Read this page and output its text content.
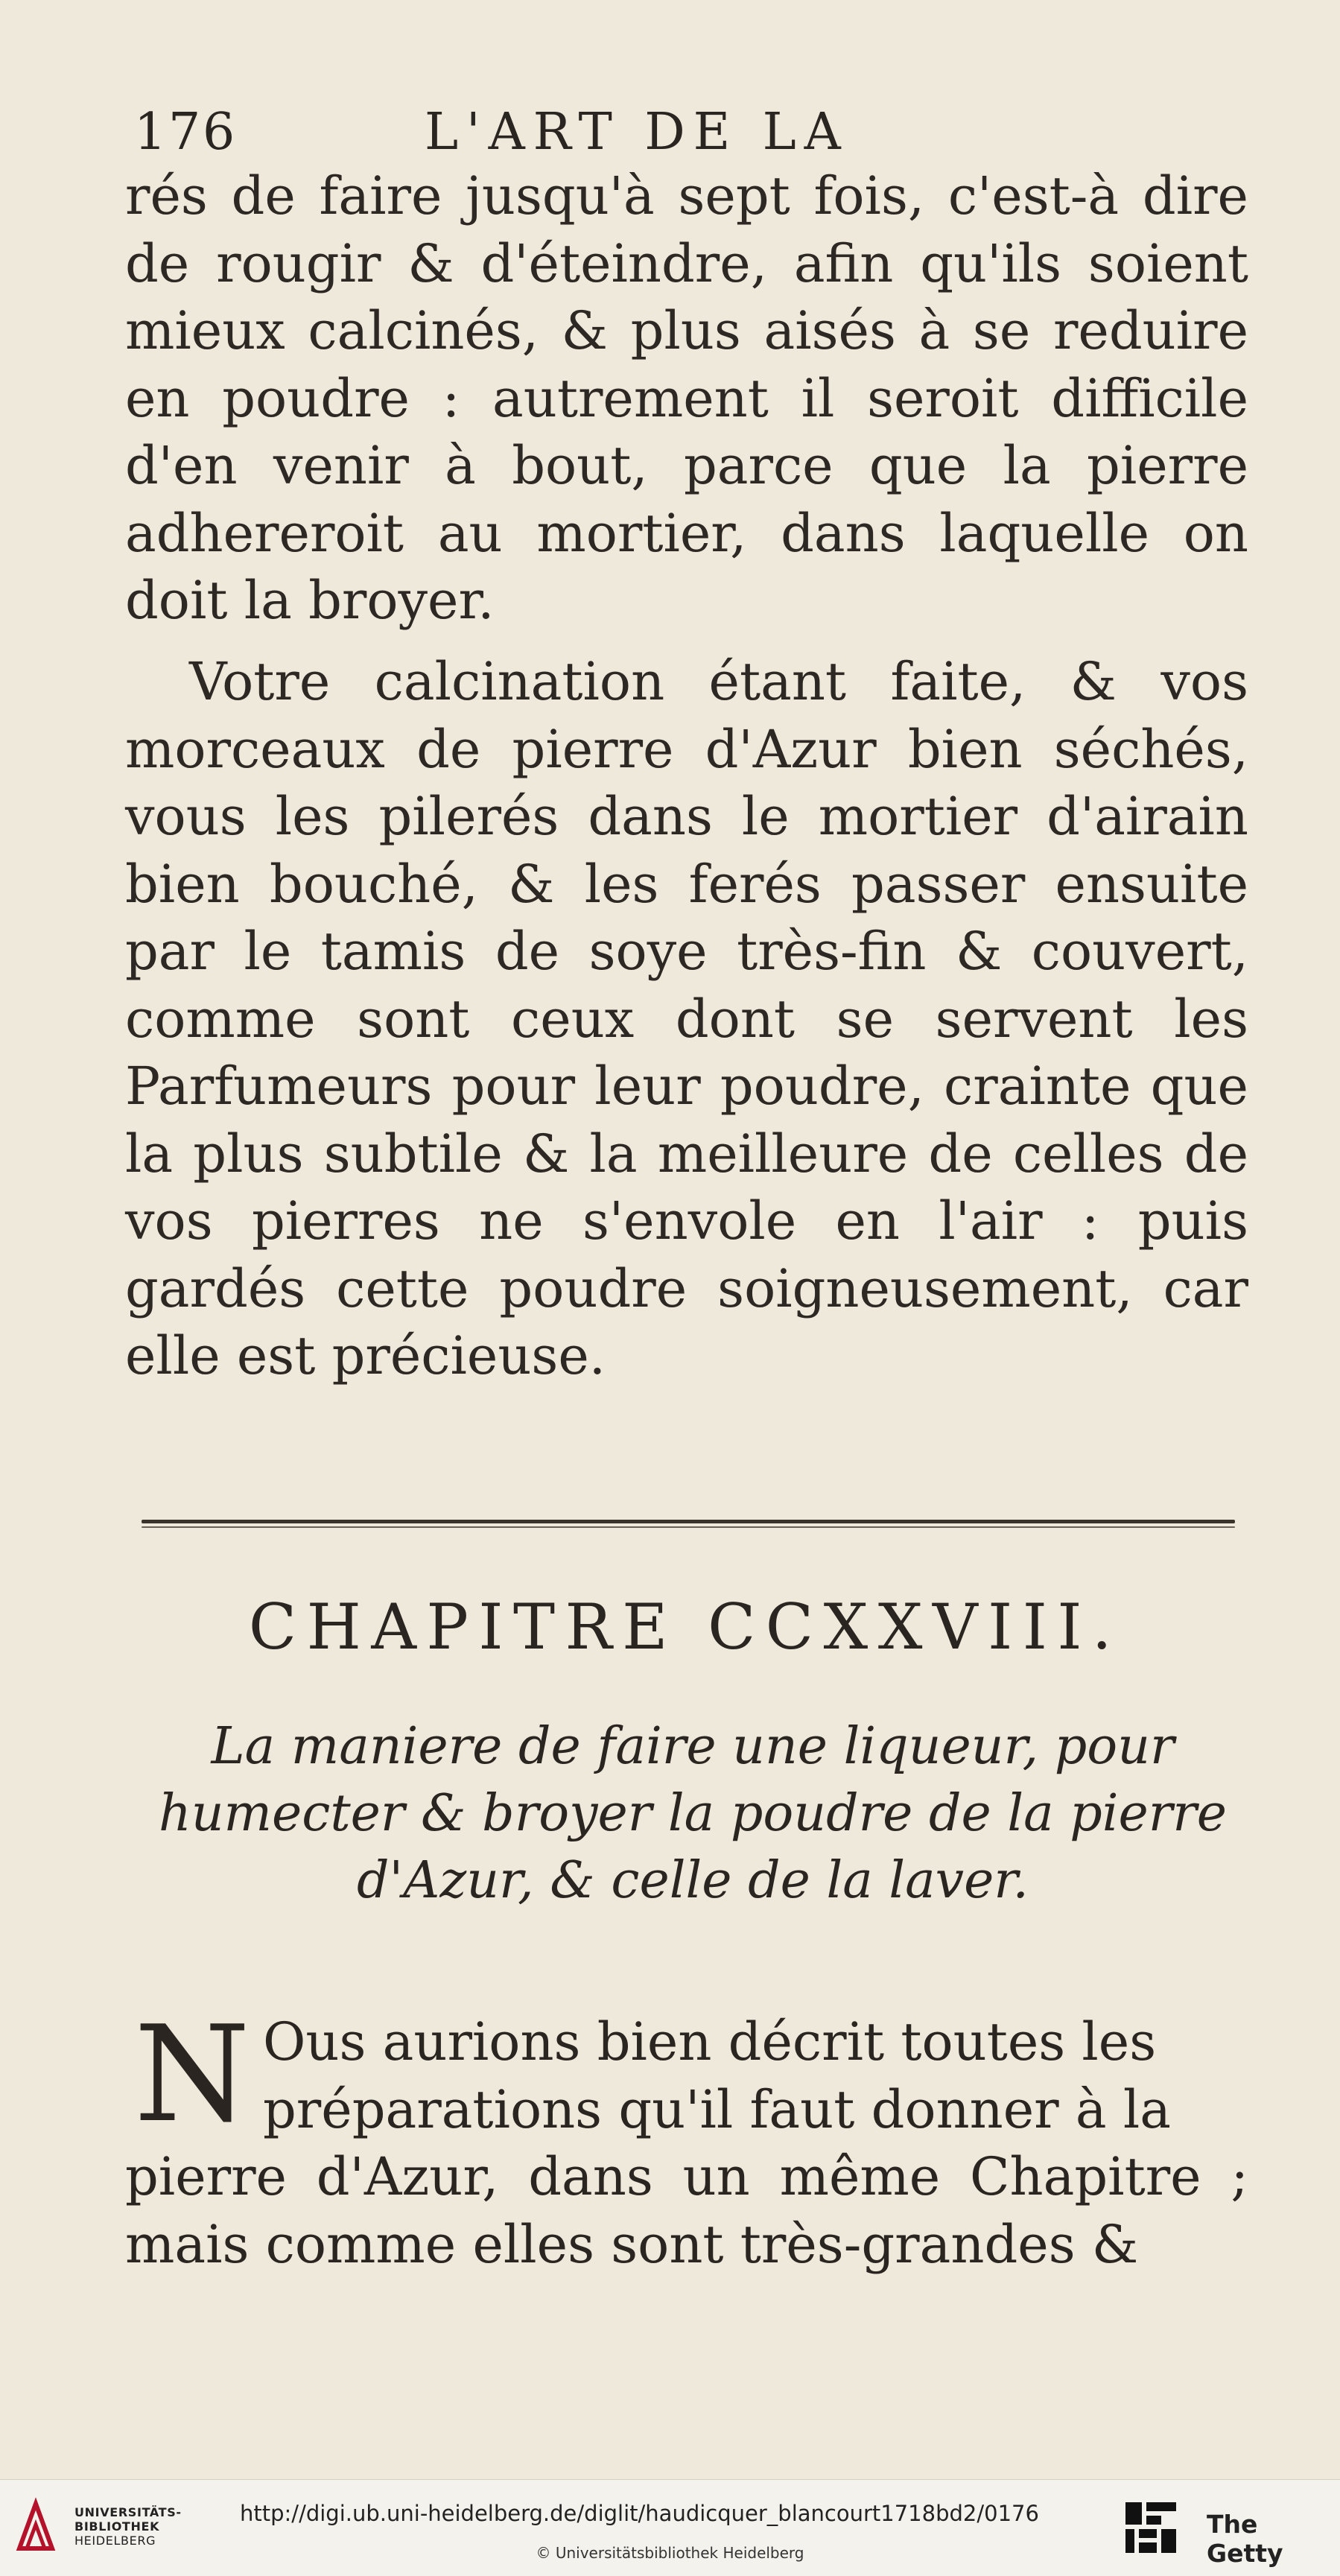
176	L'ART DE LA
rés de faire jusqu'à sept fois, c'est-à dire de rougir & d'éteindre, afin qu'ils soient mieux calcinés, & plus aisés à se reduire en poudre : autrement il seroit difficile d'en venir à bout, parce que la pierre adhereroit au mortier, dans laquelle on doit la broyer.
Votre calcination étant faite, & vos morceaux de pierre d'Azur bien séchés, vous les pilerés dans le mortier d'airain bien bouché, & les ferés passer ensuite par le tamis de soye très-fin & couvert, comme sont ceux dont se servent les Parfumeurs pour leur poudre, crainte que la plus subtile & la meilleure de celles de vos pierres ne s'envole en l'air : puis gardés cette poudre soigneusement, car elle est précieuse.
CHAPITRE CCXXVIII.
La maniere de faire une liqueur, pour humecter & broyer la poudre de la pierre d'Azur, & celle de la laver.
N Ous aurions bien décrit toutes les
préparations qu'il faut donner à la
pierre d'Azur, dans un même Chapitre ; mais comme elles sont très-grandes &
UNIVERSITÄTS-
BIBLIOTHEK
HEIDELBERG
http://digi.ub.uni-heidelberg.de/diglit/haudicquer_blancourt1718bd2/0176
© Universitätsbibliothek Heidelberg
The Getty
